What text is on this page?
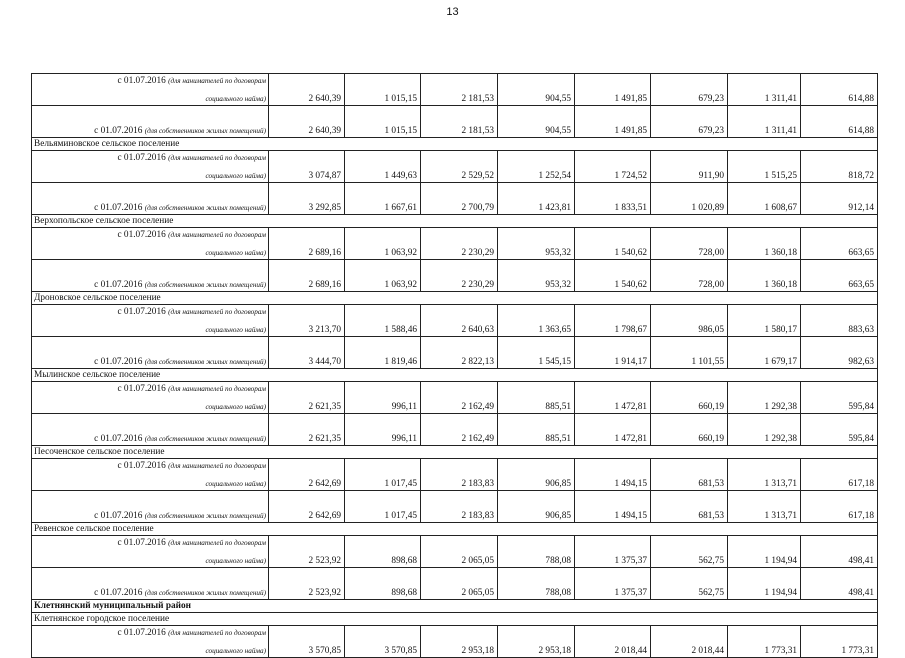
13
с 01.07.2016 (для нанимателей по договорам
социального найма)	2 640,39	1 015,15	2 181,53	904,55	1 491,85	679,23	1 311,41	614,88

с 01.07.2016 (для собственников жилых помещений)	2 640,39	1 015,15	2 181,53	904,55	1 491,85	679,23	1 311,41	614,88
Вельяминовское сельское поселение								

с 01.07.2016 (для нанимателей по договорам
социального найма)	3 074,87	1 449,63	2 529,52	1 252,54	1 724,52	911,90	1 515,25	818,72

с 01.07.2016 (для собственников жилых помещений)	3 292,85	1 667,61	2 700,79	1 423,81	1 833,51	1 020,89	1 608,67	912,14
Верхопольское сельское поселение								

с 01.07.2016 (для нанимателей по договорам
социального найма)	2 689,16	1 063,92	2 230,29	953,32	1 540,62	728,00	1 360,18	663,65

с 01.07.2016 (для собственников жилых помещений)	2 689,16	1 063,92	2 230,29	953,32	1 540,62	728,00	1 360,18	663,65
Дроновское сельское поселение								

с 01.07.2016 (для нанимателей по договорам
социального найма)	3 213,70	1 588,46	2 640,63	1 363,65	1 798,67	986,05	1 580,17	883,63

с 01.07.2016 (для собственников жилых помещений)	3 444,70	1 819,46	2 822,13	1 545,15	1 914,17	1 101,55	1 679,17	982,63
Мылинское сельское поселение								

с 01.07.2016 (для нанимателей по договорам
социального найма)	2 621,35	996,11	2 162,49	885,51	1 472,81	660,19	1 292,38	595,84

с 01.07.2016 (для собственников жилых помещений)	2 621,35	996,11	2 162,49	885,51	1 472,81	660,19	1 292,38	595,84
Песоченское сельское поселение								

с 01.07.2016 (для нанимателей по договорам
социального найма)	2 642,69	1 017,45	2 183,83	906,85	1 494,15	681,53	1 313,71	617,18

с 01.07.2016 (для собственников жилых помещений)	2 642,69	1 017,45	2 183,83	906,85	1 494,15	681,53	1 313,71	617,18
Ревенское сельское поселение								

с 01.07.2016 (для нанимателей по договорам
социального найма)	2 523,92	898,68	2 065,05	788,08	1 375,37	562,75	1 194,94	498,41

с 01.07.2016 (для собственников жилых помещений)	2 523,92	898,68	2 065,05	788,08	1 375,37	562,75	1 194,94	498,41
Клетнянский муниципальный район								
Клетнянское городское поселение								

с 01.07.2016 (для нанимателей по договорам
социального найма)	3 570,85	3 570,85	2 953,18	2 953,18	2 018,44	2 018,44	1 773,31	1 773,31
